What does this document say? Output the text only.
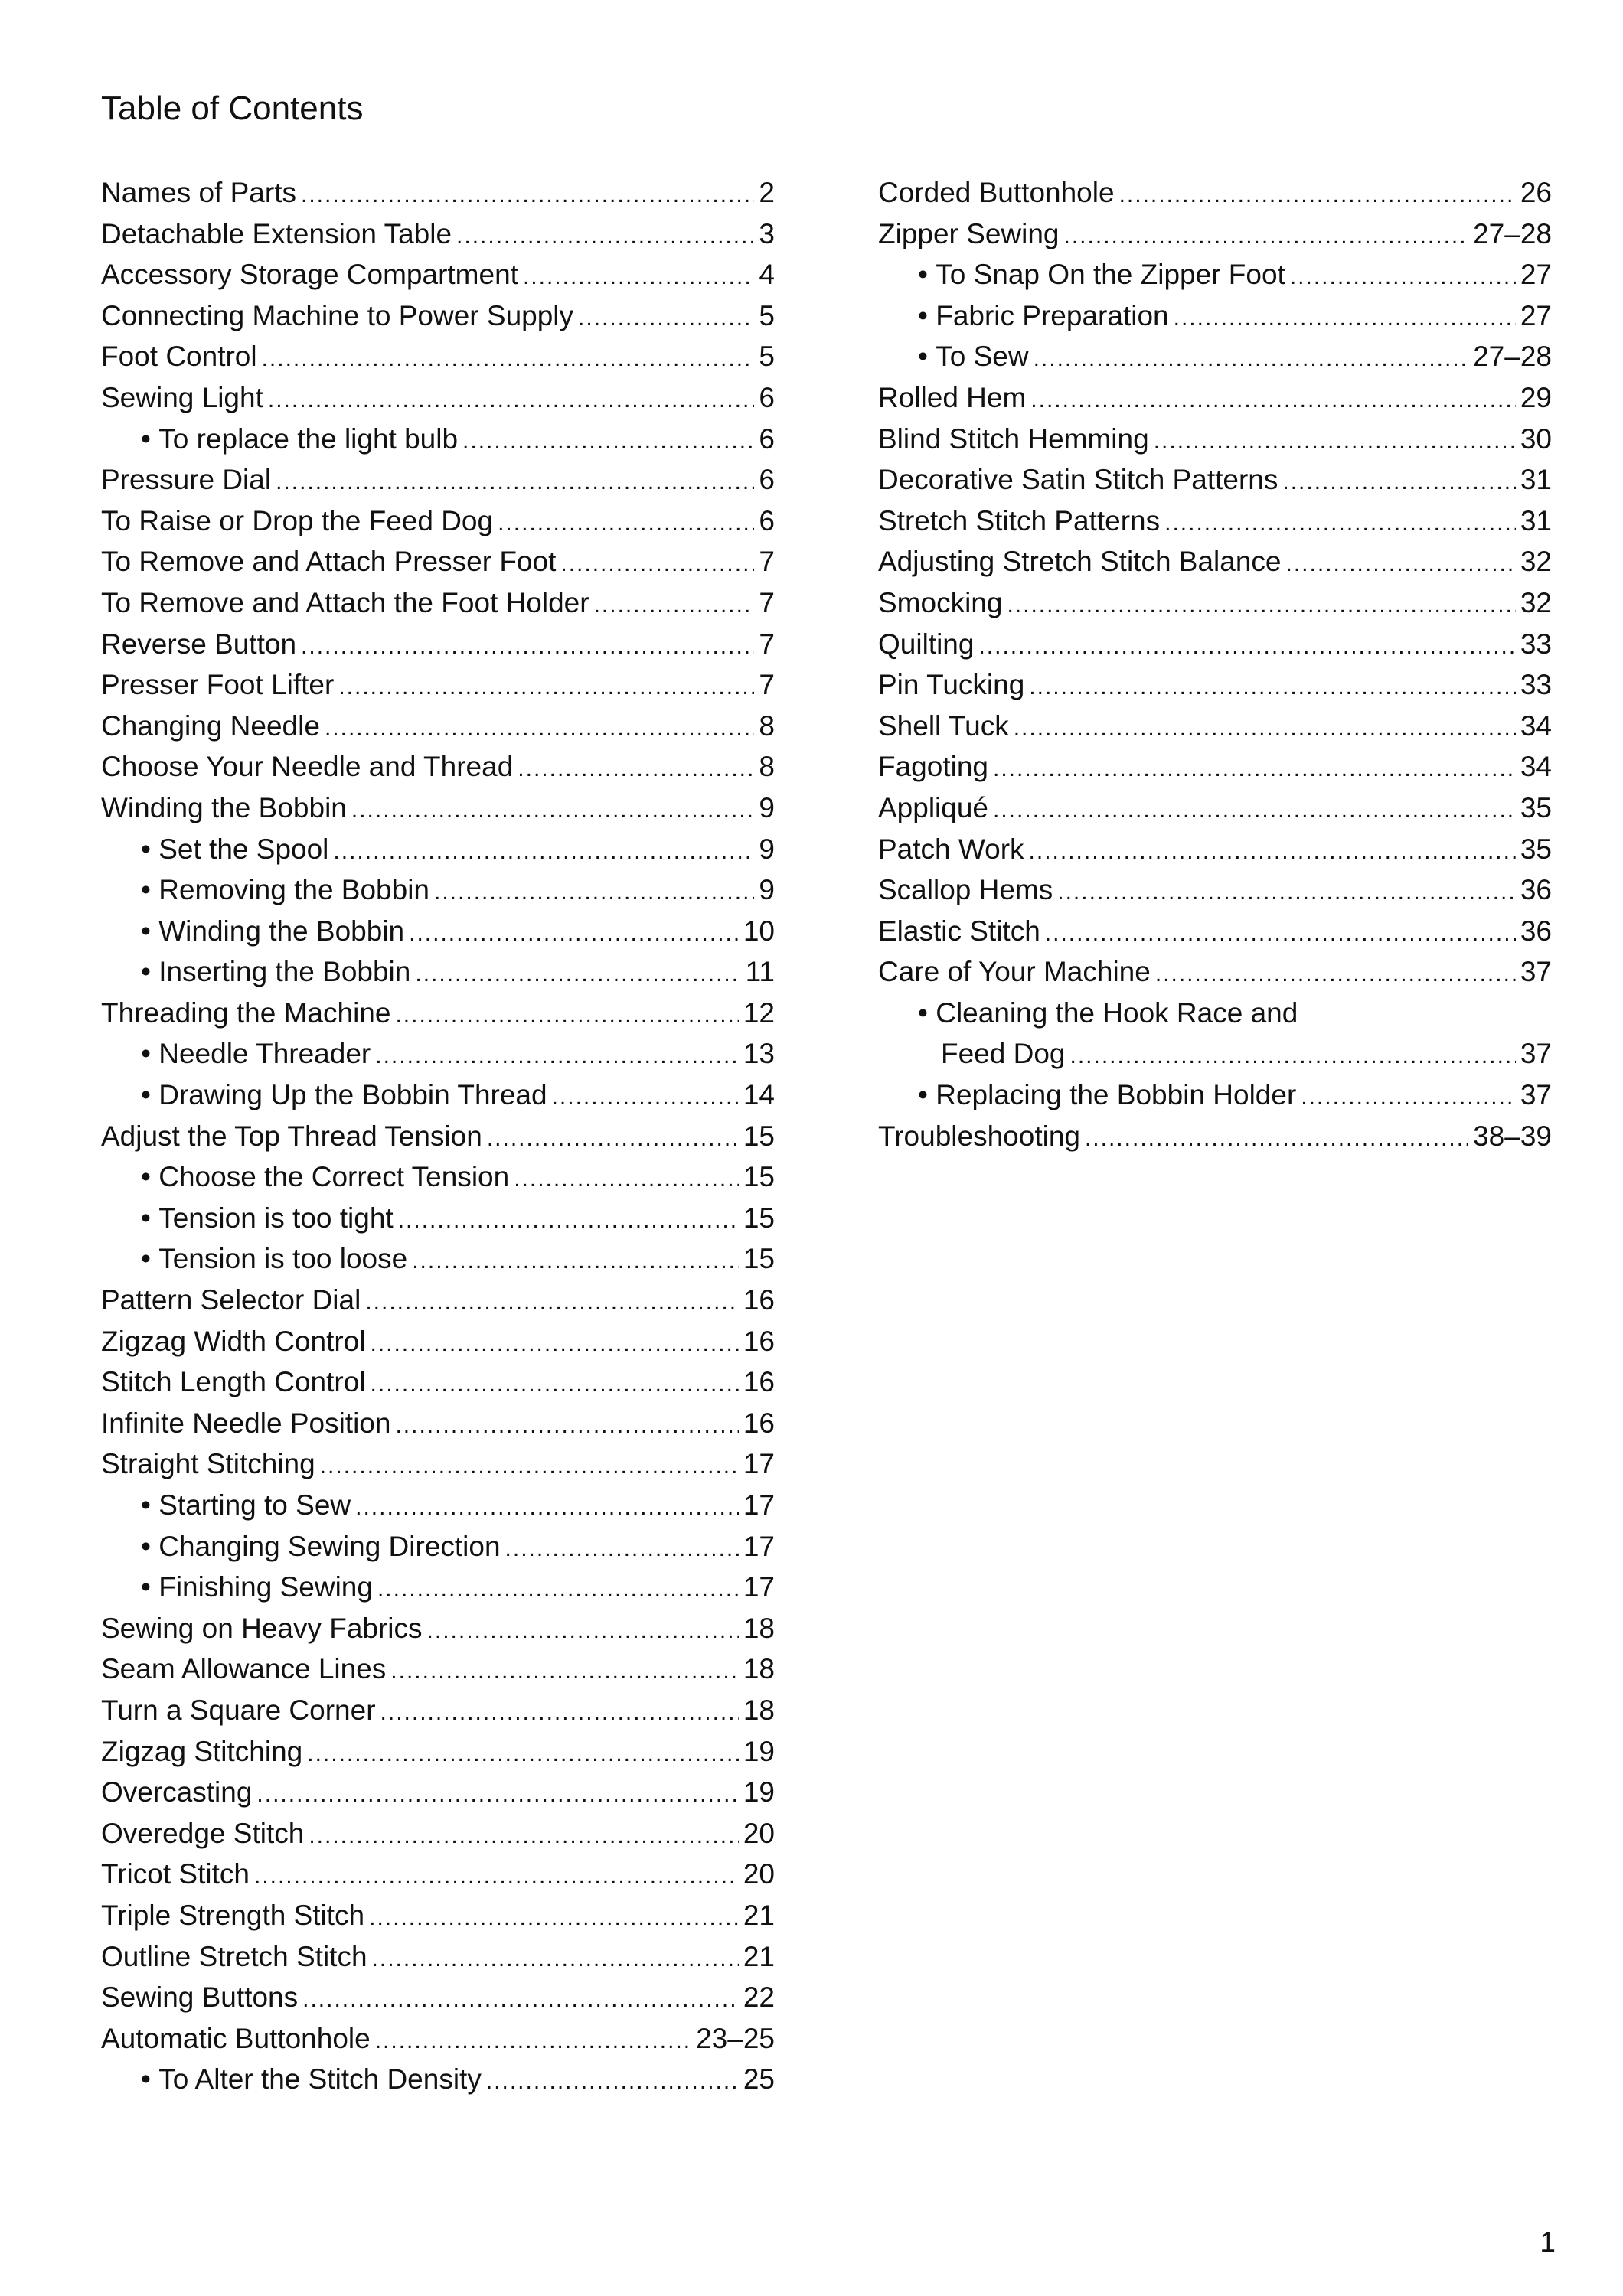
Table of Contents
Names of Parts .....	2
Detachable Extension Table .....	3
Accessory Storage Compartment .....	4
Connecting Machine to Power Supply .....	5
Foot Control .....	5
Sewing Light .....	6
• To replace the light bulb .....	6
Pressure Dial .....	6
To Raise or Drop the Feed Dog .....	6
To Remove and Attach Presser Foot .....	7
To Remove and Attach the Foot Holder .....	7
Reverse Button .....	7
Presser Foot Lifter .....	7
Changing Needle .....	8
Choose Your Needle and Thread .....	8
Winding the Bobbin .....	9
• Set the Spool .....	9
• Removing the Bobbin .....	9
• Winding the Bobbin .....	10
• Inserting the Bobbin .....	11
Threading the Machine .....	12
• Needle Threader .....	13
• Drawing Up the Bobbin Thread .....	14
Adjust the Top Thread Tension .....	15
• Choose the Correct Tension .....	15
• Tension is too tight .....	15
• Tension is too loose .....	15
Pattern Selector Dial .....	16
Zigzag Width Control .....	16
Stitch Length Control .....	16
Infinite Needle Position .....	16
Straight Stitching .....	17
• Starting to Sew .....	17
• Changing Sewing Direction .....	17
• Finishing Sewing .....	17
Sewing on Heavy Fabrics .....	18
Seam Allowance Lines .....	18
Turn a Square Corner .....	18
Zigzag Stitching .....	19
Overcasting .....	19
Overedge Stitch .....	20
Tricot Stitch .....	20
Triple Strength Stitch .....	21
Outline Stretch Stitch .....	21
Sewing Buttons .....	22
Automatic Buttonhole .....	23–25
• To Alter the Stitch Density .....	25
Corded Buttonhole .....	26
Zipper Sewing .....	27–28
• To Snap On the Zipper Foot .....	27
• Fabric Preparation .....	27
• To Sew .....	27–28
Rolled Hem .....	29
Blind Stitch Hemming .....	30
Decorative Satin Stitch Patterns .....	31
Stretch Stitch Patterns .....	31
Adjusting Stretch Stitch Balance .....	32
Smocking .....	32
Quilting .....	33
Pin Tucking .....	33
Shell Tuck .....	34
Fagoting .....	34
Appliqué .....	35
Patch Work .....	35
Scallop Hems .....	36
Elastic Stitch .....	36
Care of Your Machine .....	37
• Cleaning the Hook Race and
Feed Dog .....	37
• Replacing the Bobbin Holder .....	37
Troubleshooting .....	38–39
1
